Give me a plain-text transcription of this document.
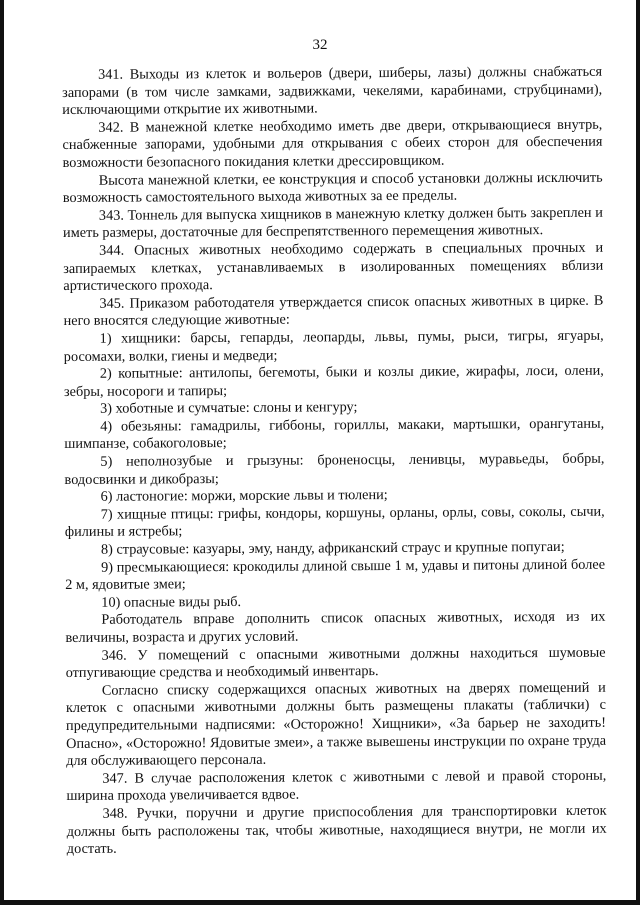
32

341. Выходы из клеток и вольеров (двери, шиберы, лазы) должны снабжаться запорами (в том числе замками, задвижками, чекелями, карабинами, струбцинами), исключающими открытие их животными.

342. В манежной клетке необходимо иметь две двери, открывающиеся внутрь, снабженные запорами, удобными для открывания с обеих сторон для обеспечения возможности безопасного покидания клетки дрессировщиком.

Высота манежной клетки, ее конструкция и способ установки должны исключить возможность самостоятельного выхода животных за ее пределы.

343. Тоннель для выпуска хищников в манежную клетку должен быть закреплен и иметь размеры, достаточные для беспрепятственного перемещения животных.

344. Опасных животных необходимо содержать в специальных прочных и запираемых клетках, устанавливаемых в изолированных помещениях вблизи артистического прохода.

345. Приказом работодателя утверждается список опасных животных в цирке. В него вносятся следующие животные:

1) хищники: барсы, гепарды, леопарды, львы, пумы, рыси, тигры, ягуары, росомахи, волки, гиены и медведи;

2) копытные: антилопы, бегемоты, быки и козлы дикие, жирафы, лоси, олени, зебры, носороги и тапиры;

3) хоботные и сумчатые: слоны и кенгуру;

4) обезьяны: гамадрилы, гиббоны, гориллы, макаки, мартышки, орангутаны, шимпанзе, собакоголовые;

5) неполнозубые и грызуны: броненосцы, ленивцы, муравьеды, бобры, водосвинки и дикобразы;

6) ластоногие: моржи, морские львы и тюлени;

7) хищные птицы: грифы, кондоры, коршуны, орланы, орлы, совы, соколы, сычи, филины и ястребы;

8) страусовые: казуары, эму, нанду, африканский страус и крупные попугаи;

9) пресмыкающиеся: крокодилы длиной свыше 1 м, удавы и питоны длиной более 2 м, ядовитые змеи;

10) опасные виды рыб.

Работодатель вправе дополнить список опасных животных, исходя из их величины, возраста и других условий.

346. У помещений с опасными животными должны находиться шумовые отпугивающие средства и необходимый инвентарь.

Согласно списку содержащихся опасных животных на дверях помещений и клеток с опасными животными должны быть размещены плакаты (таблички) с предупредительными надписями: «Осторожно! Хищники», «За барьер не заходить! Опасно», «Осторожно! Ядовитые змеи», а также вывешены инструкции по охране труда для обслуживающего персонала.

347. В случае расположения клеток с животными с левой и правой стороны, ширина прохода увеличивается вдвое.

348. Ручки, поручни и другие приспособления для транспортировки клеток должны быть расположены так, чтобы животные, находящиеся внутри, не могли их достать.
